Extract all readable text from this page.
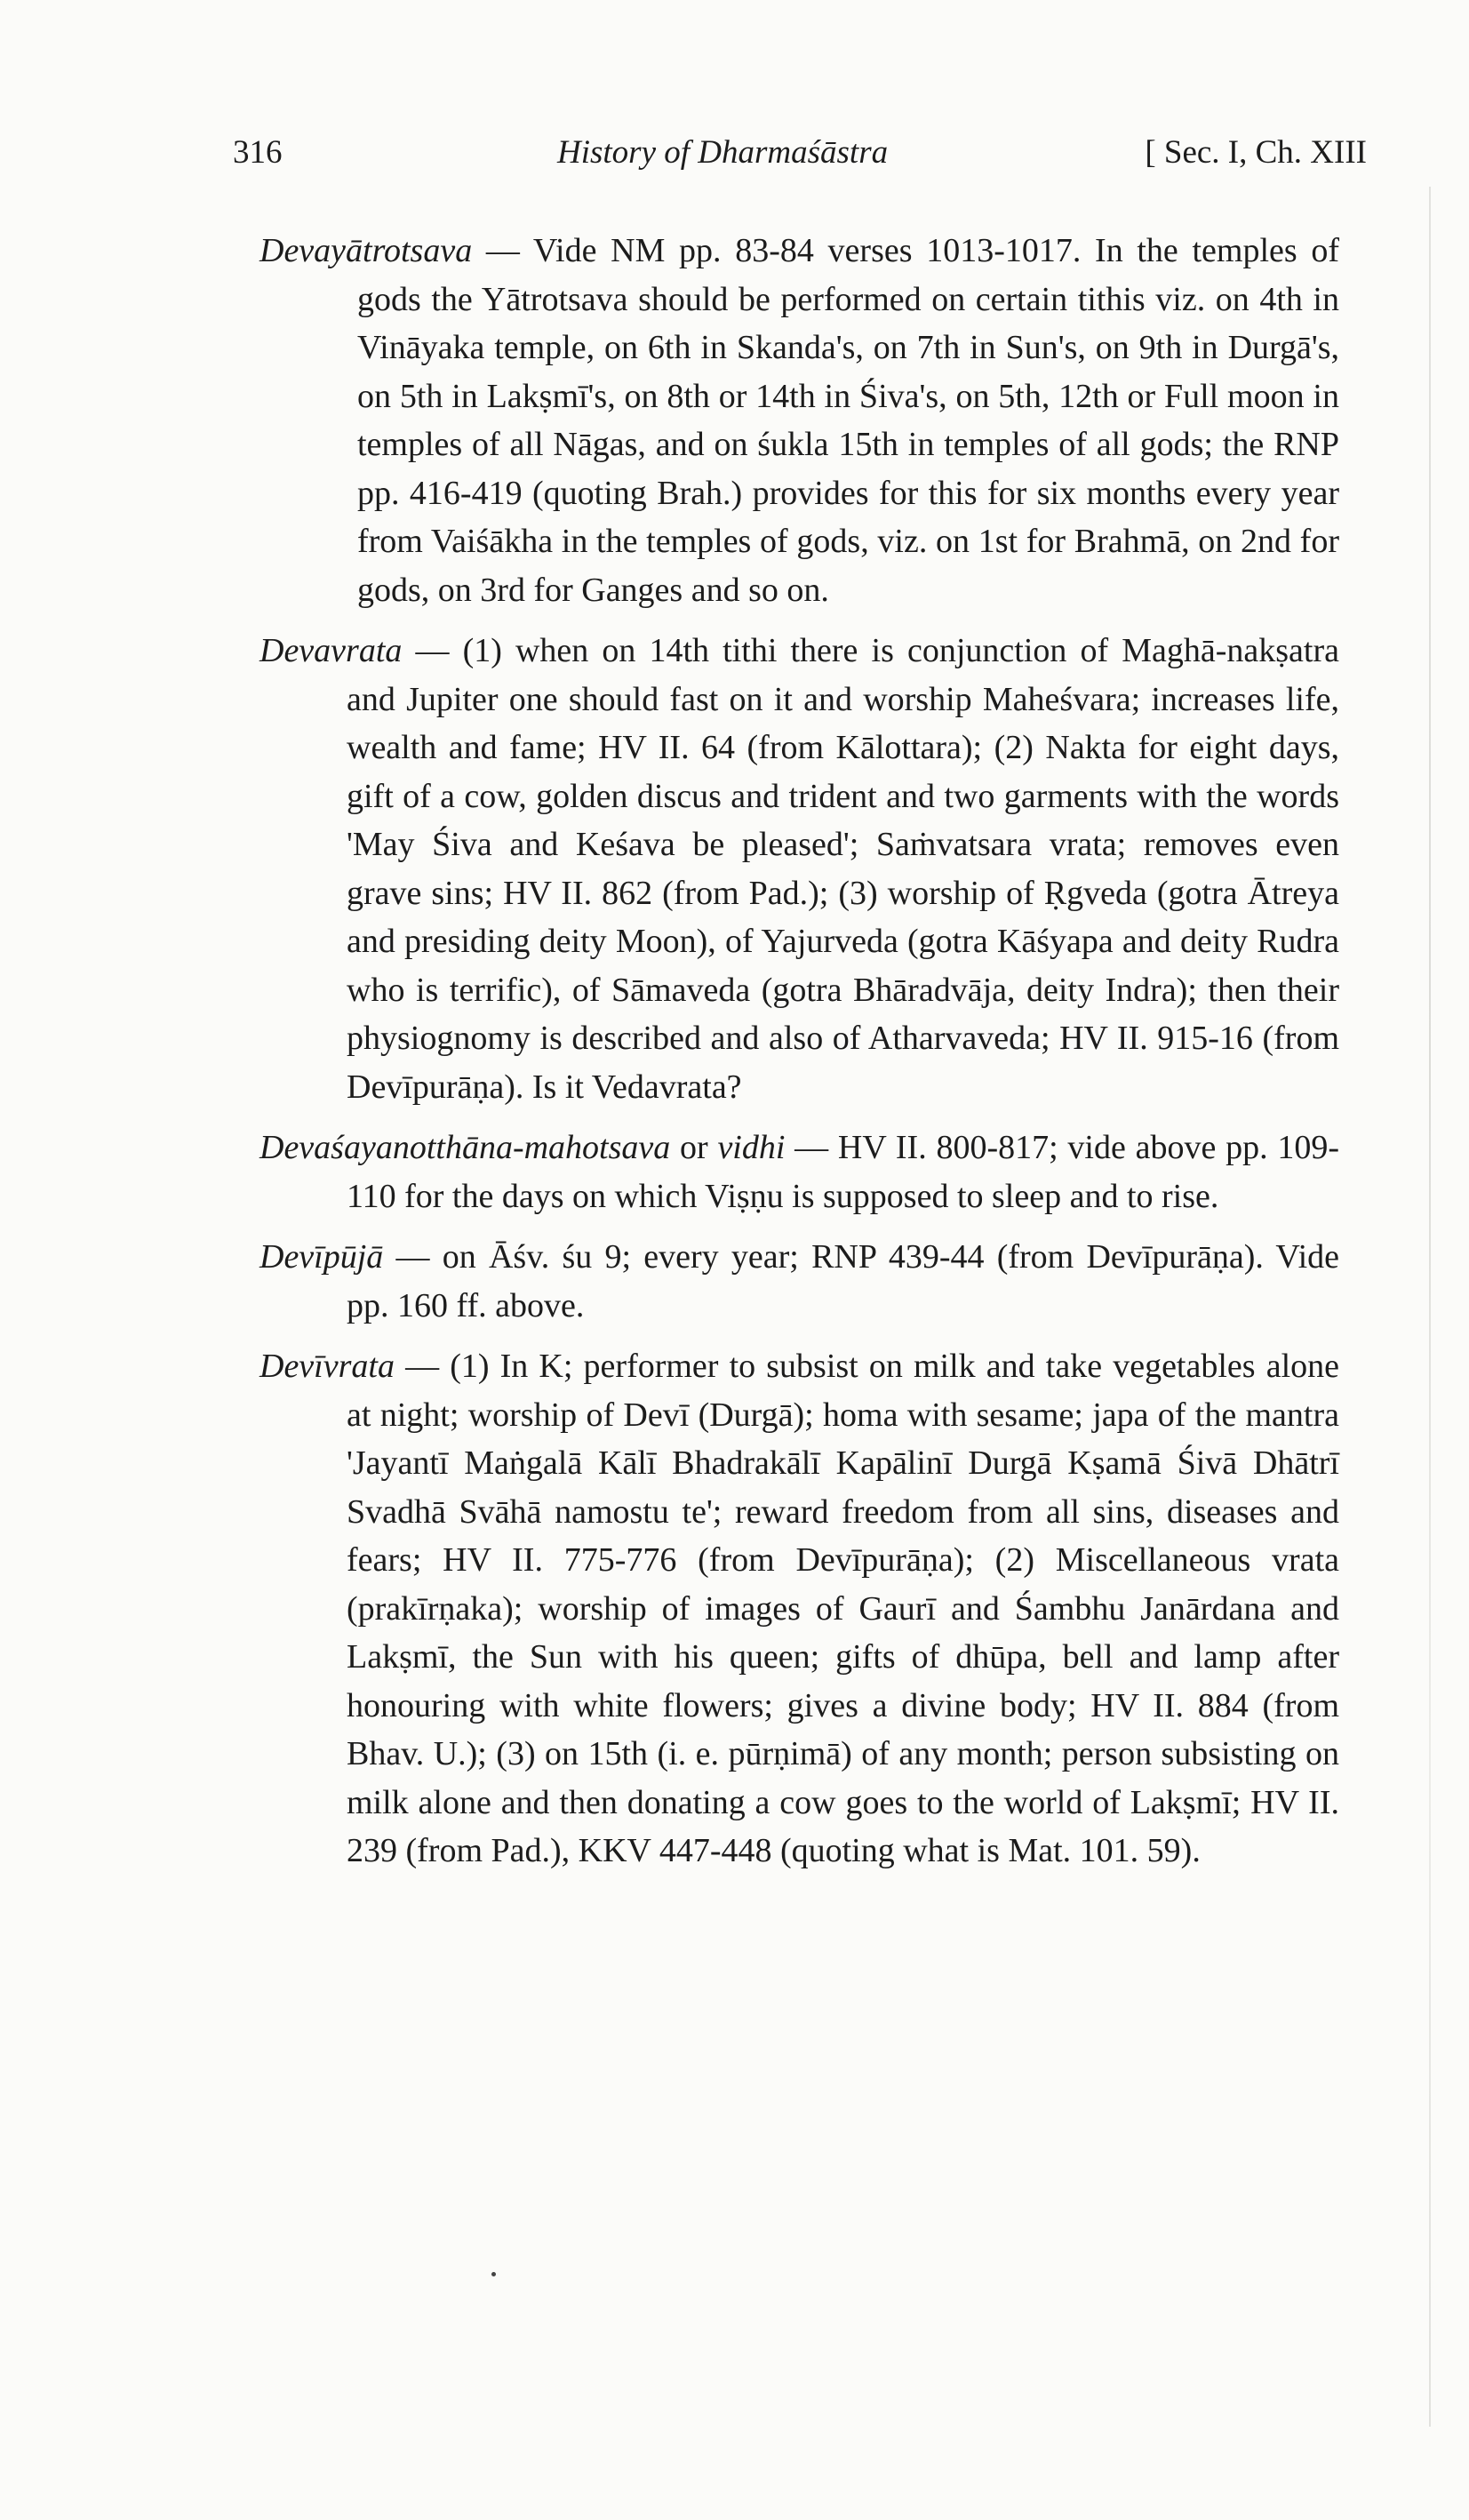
316	History of Dharmaśāstra	[ Sec. I, Ch. XIII

Devayātrotsava — Vide NM pp. 83-84 verses 1013-1017. In the temples of gods the Yātrotsava should be performed on certain tithis viz. on 4th in Vināyaka temple, on 6th in Skanda's, on 7th in Sun's, on 9th in Durgā's, on 5th in Lakṣmī's, on 8th or 14th in Śiva's, on 5th, 12th or Full moon in temples of all Nāgas, and on śukla 15th in temples of all gods; the RNP pp. 416-419 (quoting Brah.) provides for this for six months every year from Vaiśākha in the temples of gods, viz. on 1st for Brahmā, on 2nd for gods, on 3rd for Ganges and so on.

Devavrata — (1) when on 14th tithi there is conjunction of Maghā-nakṣatra and Jupiter one should fast on it and worship Maheśvara; increases life, wealth and fame; HV II. 64 (from Kālottara); (2) Nakta for eight days, gift of a cow, golden discus and trident and two garments with the words 'May Śiva and Keśava be pleased'; Saṁvatsara vrata; removes even grave sins; HV II. 862 (from Pad.); (3) worship of Ṛgveda (gotra Ātreya and presiding deity Moon), of Yajurveda (gotra Kāśyapa and deity Rudra who is terrific), of Sāmaveda (gotra Bhāradvāja, deity Indra); then their physiognomy is described and also of Atharvaveda; HV II. 915-16 (from Devīpurāṇa). Is it Vedavrata?

Devaśayanotthāna-mahotsava or vidhi — HV II. 800-817; vide above pp. 109-110 for the days on which Viṣṇu is supposed to sleep and to rise.

Devīpūjā — on Āśv. śu 9; every year; RNP 439-44 (from Devīpurāṇa). Vide pp. 160 ff. above.

Devīvrata — (1) In K; performer to subsist on milk and take vegetables alone at night; worship of Devī (Durgā); homa with sesame; japa of the mantra 'Jayantī Maṅgalā Kālī Bhadrakālī Kapālinī Durgā Kṣamā Śivā Dhātrī Svadhā Svāhā namostu te'; reward freedom from all sins, diseases and fears; HV II. 775-776 (from Devīpurāṇa); (2) Miscellaneous vrata (prakīrṇaka); worship of images of Gaurī and Śambhu Janārdana and Lakṣmī, the Sun with his queen; gifts of dhūpa, bell and lamp after honouring with white flowers; gives a divine body; HV II. 884 (from Bhav. U.); (3) on 15th (i. e. pūrṇimā) of any month; person subsisting on milk alone and then donating a cow goes to the world of Lakṣmī; HV II. 239 (from Pad.), KKV 447-448 (quoting what is Mat. 101. 59).
